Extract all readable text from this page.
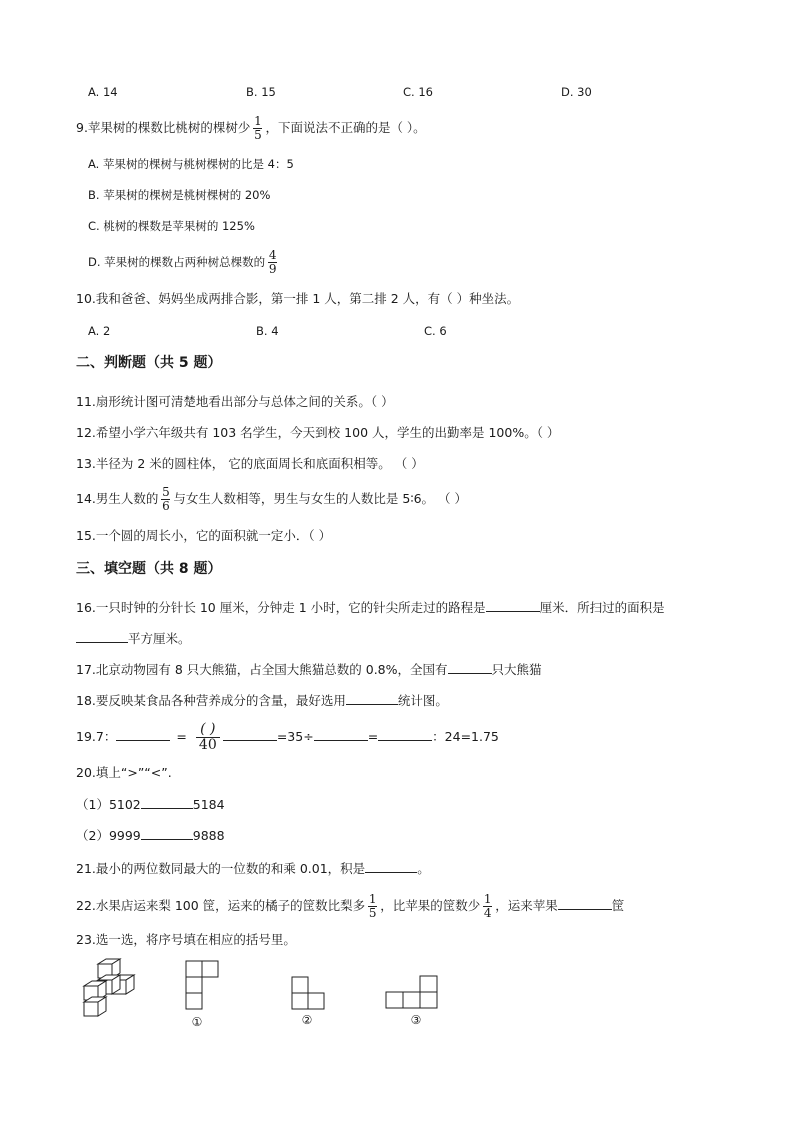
A. 14	B. 15	C. 16	D. 30
9.苹果树的棵数比桃树的棵树少 $\frac{1}{5}$ ，下面说法不正确的是（ ）。
A. 苹果树的棵树与桃树棵树的比是 4：5
B. 苹果树的棵树是桃树棵树的 20%
C. 桃树的棵数是苹果树的 125%
D. 苹果树的棵数占两种树总棵数的 $\frac{4}{9}$
10.我和爸爸、妈妈坐成两排合影，第一排 1 人，第二排 2 人，有（ ）种坐法。
A. 2	B. 4	C. 6
二、判断题（共 5 题）
11.扇形统计图可清楚地看出部分与总体之间的关系。（ ）
12.希望小学六年级共有 103 名学生，今天到校 100 人，学生的出勤率是 100%。（ ）
13.半径为 2 米的圆柱体， 它的底面周长和底面积相等。 （ ）
14.男生人数的 $\frac{5}{6}$ 与女生人数相等，男生与女生的人数比是 5∶6。 （ ）
15.一个圆的周长小，它的面积就一定小．（ ）
三、填空题（共 8 题）
16.一只时钟的分针长 10 厘米，分钟走 1 小时，它的针尖所走过的路程是	厘米．所扫过的面积是
平方厘米。
17.北京动物园有 8 只大熊猫，占全国大熊猫总数的 0.8%，全国有	只大熊猫
18.要反映某食品各种营养成分的含量，最好选用	统计图。
19.7：	= $\frac{( )}{40}$	=35÷	=	：24=1.75
20.填上“>”“<”.
（1）5102	5184
（2）9999	9888
21.最小的两位数同最大的一位数的和乘 0.01，积是	。
22.水果店运来梨 100 筐，运来的橘子的筐数比梨多 $\frac{1}{5}$ ，比苹果的筐数少 $\frac{1}{4}$ ，运来苹果	筐
23.选一选，将序号填在相应的括号里。
①	②	③
